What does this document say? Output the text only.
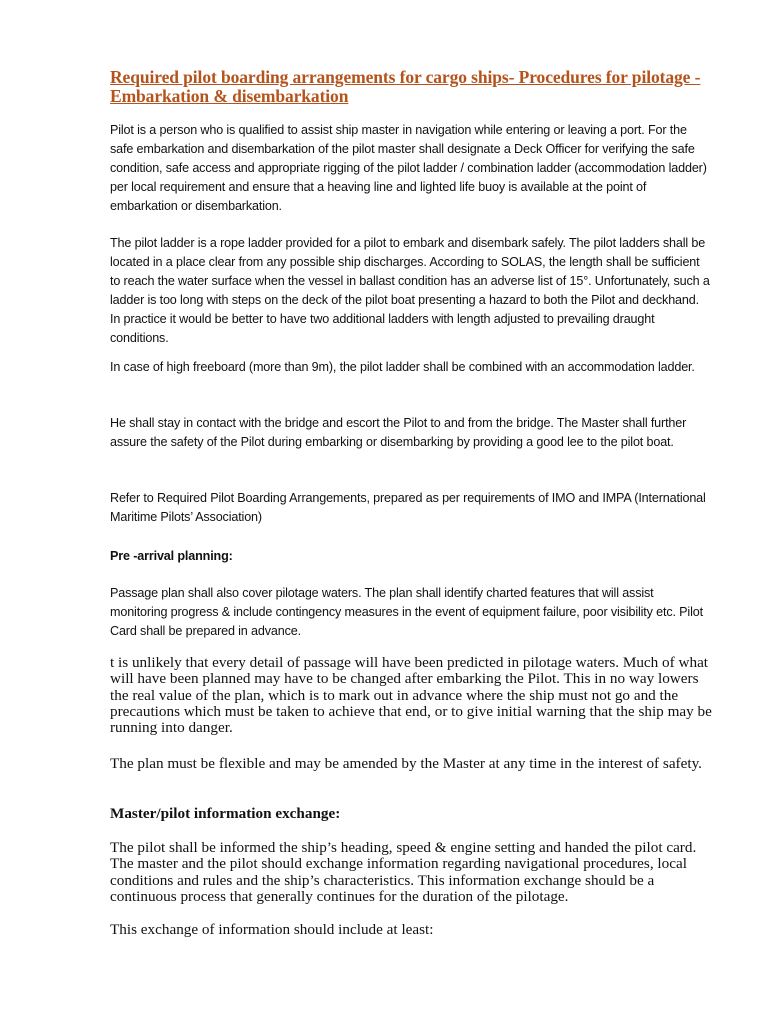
Required pilot boarding arrangements for cargo ships- Procedures for pilotage - Embarkation & disembarkation

Pilot is a person who is qualified to assist ship master in navigation while entering or leaving a port. For the safe embarkation and disembarkation of the pilot master shall designate a Deck Officer for verifying the safe condition, safe access and appropriate rigging of the pilot ladder / combination ladder (accommodation ladder) per local requirement and ensure that a heaving line and lighted life buoy is available at the point of embarkation or disembarkation.

The pilot ladder is a rope ladder provided for a pilot to embark and disembark safely. The pilot ladders shall be located in a place clear from any possible ship discharges. According to SOLAS, the length shall be sufficient to reach the water surface when the vessel in ballast condition has an adverse list of 15°. Unfortunately, such a ladder is too long with steps on the deck of the pilot boat presenting a hazard to both the Pilot and deckhand. In practice it would be better to have two additional ladders with length adjusted to prevailing draught conditions.

In case of high freeboard (more than 9m), the pilot ladder shall be combined with an accommodation ladder.

He shall stay in contact with the bridge and escort the Pilot to and from the bridge. The Master shall further assure the safety of the Pilot during embarking or disembarking by providing a good lee to the pilot boat.

Refer to Required Pilot Boarding Arrangements, prepared as per requirements of IMO and IMPA (International Maritime Pilots’ Association)

Pre -arrival planning:

Passage plan shall also cover pilotage waters. The plan shall identify charted features that will assist monitoring progress & include contingency measures in the event of equipment failure, poor visibility etc. Pilot Card shall be prepared in advance.

t is unlikely that every detail of passage will have been predicted in pilotage waters. Much of what will have been planned may have to be changed after embarking the Pilot. This in no way lowers the real value of the plan, which is to mark out in advance where the ship must not go and the precautions which must be taken to achieve that end, or to give initial warning that the ship may be running into danger.

The plan must be flexible and may be amended by the Master at any time in the interest of safety.

Master/pilot information exchange:

The pilot shall be informed the ship’s heading, speed & engine setting and handed the pilot card. The master and the pilot should exchange information regarding navigational procedures, local conditions and rules and the ship’s characteristics. This information exchange should be a continuous process that generally continues for the duration of the pilotage.

This exchange of information should include at least:
